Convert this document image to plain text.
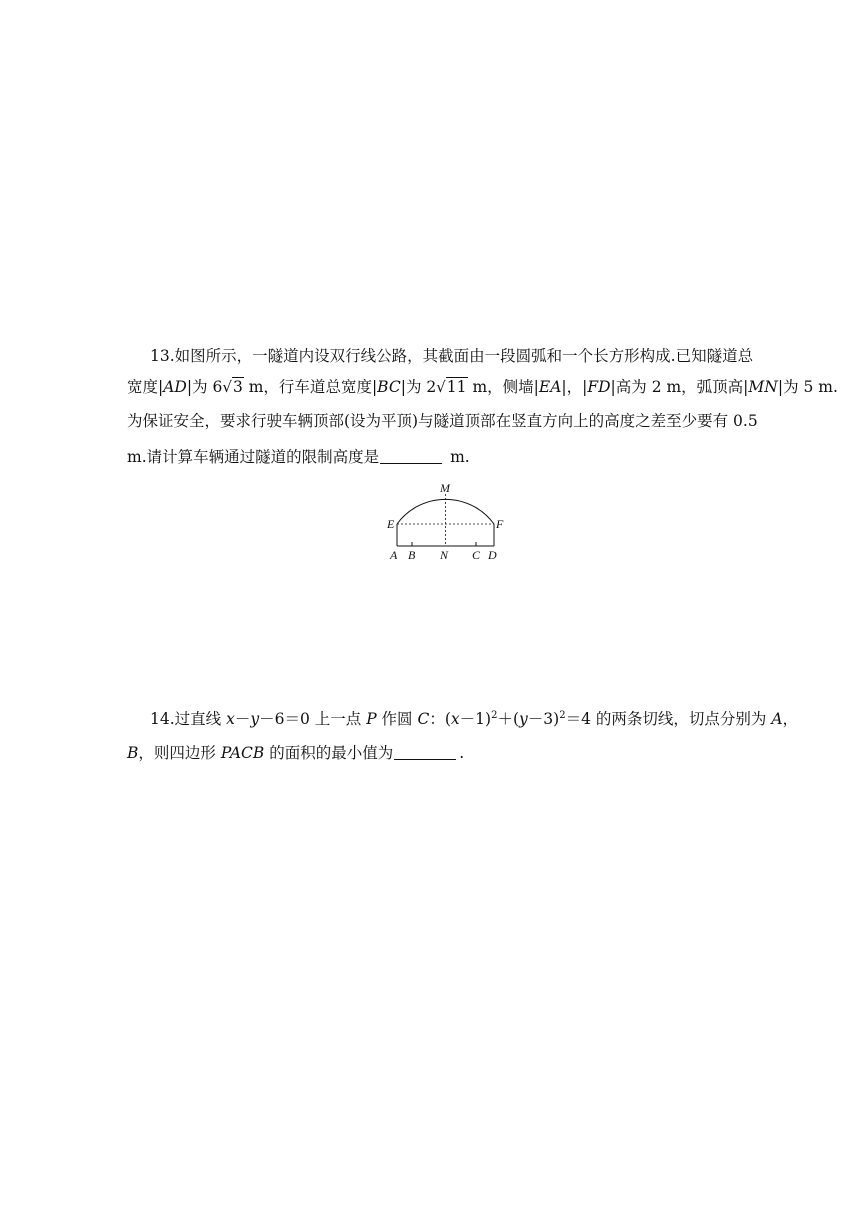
13.如图所示，一隧道内设双行线公路，其截面由一段圆弧和一个长方形构成.已知隧道总
宽度|AD|为 6√3 m，行车道总宽度|BC|为 2√11 m，侧墙|EA|，|FD|高为 2 m，弧顶高|MN|为 5 m.
为保证安全，要求行驶车辆顶部(设为平顶)与隧道顶部在竖直方向上的高度之差至少要有 0.5
m.请计算车辆通过隧道的限制高度是	m.
M
E	F
A B N C D
14.过直线 x－y－6＝0 上一点 P 作圆 C：$(x-1)^2+(y-3)^2=4$ 的两条切线，切点分别为 A，
B，则四边形 PACB 的面积的最小值为	.
